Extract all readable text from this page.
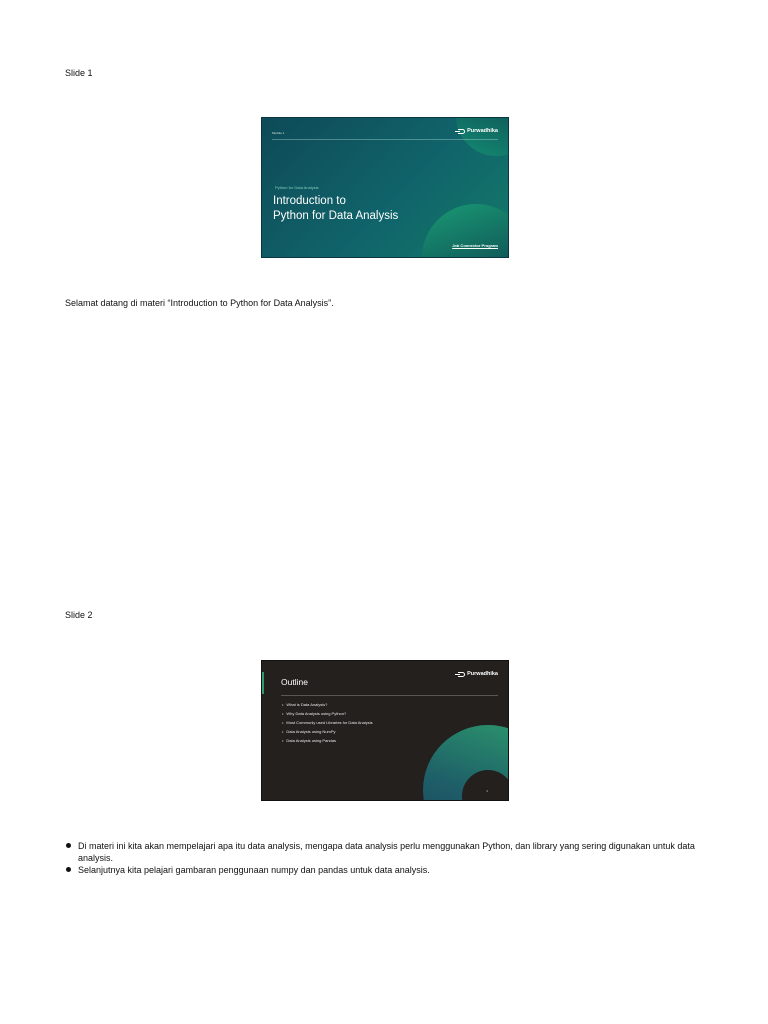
Slide 1
Module 1	Purwadhika
Python for Data Analysis
Introduction to
Python for Data Analysis
Job Connector Program
Selamat datang di materi “Introduction to Python for Data Analysis”.
Slide 2
Outline
Purwadhika
• What is Data Analysis?
• Why Data Analysis using Python?
• Most Commonly used Libraries for Data Analysis
• Data Analysis using NumPy
• Data Analysis using Pandas
2
Di materi ini kita akan mempelajari apa itu data analysis, mengapa data analysis perlu menggunakan Python, dan library yang sering digunakan untuk data analysis.
Selanjutnya kita pelajari gambaran penggunaan numpy dan pandas untuk data analysis.
